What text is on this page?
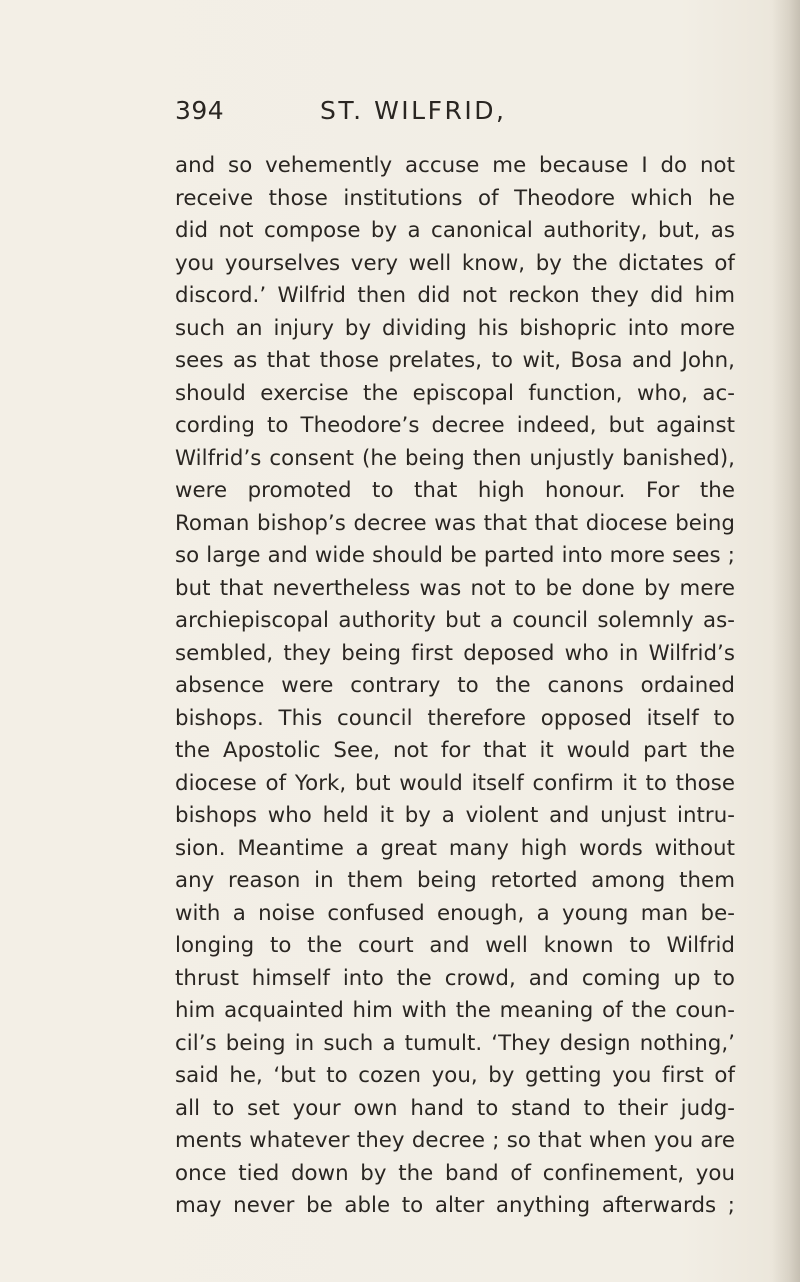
394	ST. WILFRID,
and so vehemently accuse me because I do not
receive those institutions of Theodore which he
did not compose by a canonical authority, but, as
you yourselves very well know, by the dictates of
discord.’ Wilfrid then did not reckon they did him
such an injury by dividing his bishopric into more
sees as that those prelates, to wit, Bosa and John,
should exercise the episcopal function, who, ac-
cording to Theodore’s decree indeed, but against
Wilfrid’s consent (he being then unjustly banished),
were promoted to that high honour. For the
Roman bishop’s decree was that that diocese being
so large and wide should be parted into more sees ;
but that nevertheless was not to be done by mere
archiepiscopal authority but a council solemnly as-
sembled, they being first deposed who in Wilfrid’s
absence were contrary to the canons ordained
bishops. This council therefore opposed itself to
the Apostolic See, not for that it would part the
diocese of York, but would itself confirm it to those
bishops who held it by a violent and unjust intru-
sion. Meantime a great many high words without
any reason in them being retorted among them
with a noise confused enough, a young man be-
longing to the court and well known to Wilfrid
thrust himself into the crowd, and coming up to
him acquainted him with the meaning of the coun-
cil’s being in such a tumult. ‘They design nothing,’
said he, ‘but to cozen you, by getting you first of
all to set your own hand to stand to their judg-
ments whatever they decree ; so that when you are
once tied down by the band of confinement, you
may never be able to alter anything afterwards ;
